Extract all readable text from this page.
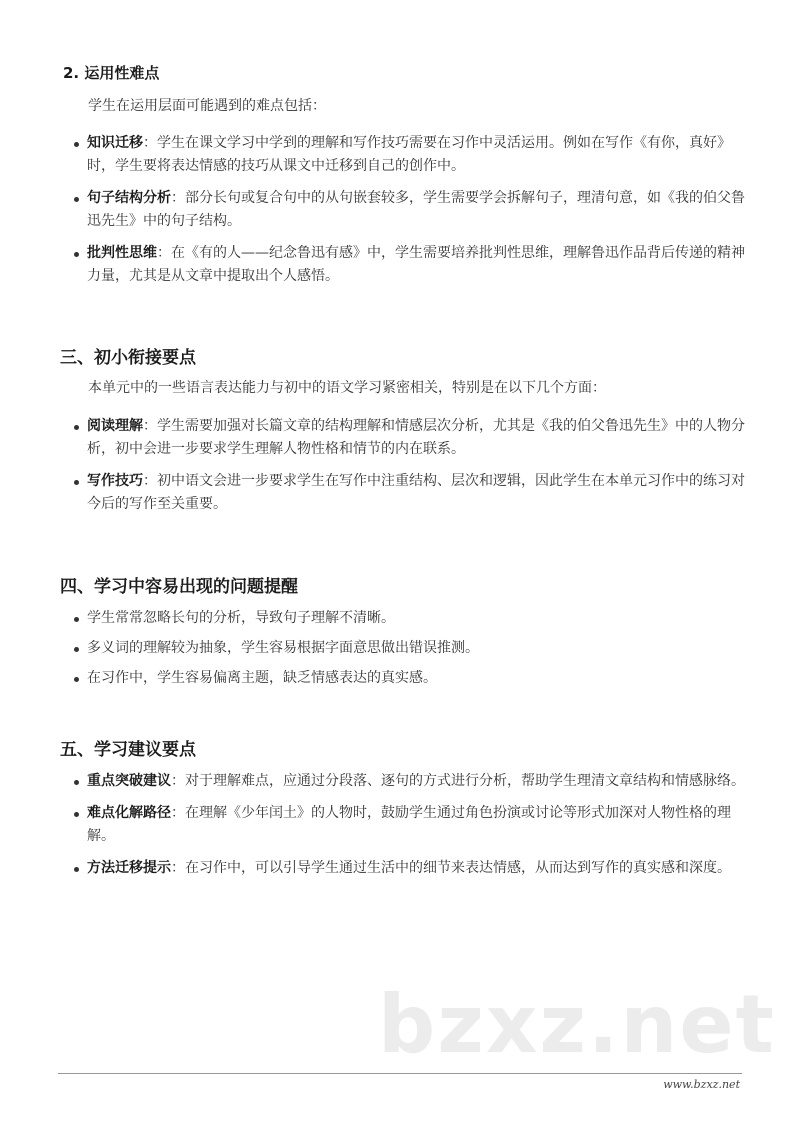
2. 运用性难点

学生在运用层面可能遇到的难点包括：

知识迁移：学生在课文学习中学到的理解和写作技巧需要在习作中灵活运用。例如在写作《有你，真好》时，学生要将表达情感的技巧从课文中迁移到自己的创作中。
句子结构分析：部分长句或复合句中的从句嵌套较多，学生需要学会拆解句子，理清句意，如《我的伯父鲁迅先生》中的句子结构。
批判性思维：在《有的人——纪念鲁迅有感》中，学生需要培养批判性思维，理解鲁迅作品背后传递的精神力量，尤其是从文章中提取出个人感悟。
三、初小衔接要点

本单元中的一些语言表达能力与初中的语文学习紧密相关，特别是在以下几个方面：

阅读理解：学生需要加强对长篇文章的结构理解和情感层次分析，尤其是《我的伯父鲁迅先生》中的人物分析，初中会进一步要求学生理解人物性格和情节的内在联系。
写作技巧：初中语文会进一步要求学生在写作中注重结构、层次和逻辑，因此学生在本单元习作中的练习对今后的写作至关重要。
四、学习中容易出现的问题提醒
学生常常忽略长句的分析，导致句子理解不清晰。
多义词的理解较为抽象，学生容易根据字面意思做出错误推测。
在习作中，学生容易偏离主题，缺乏情感表达的真实感。
五、学习建议要点
重点突破建议：对于理解难点，应通过分段落、逐句的方式进行分析，帮助学生理清文章结构和情感脉络。
难点化解路径：在理解《少年闰土》的人物时，鼓励学生通过角色扮演或讨论等形式加深对人物性格的理解。
方法迁移提示：在习作中，可以引导学生通过生活中的细节来表达情感，从而达到写作的真实感和深度。
bzxz.net
www.bzxz.net
